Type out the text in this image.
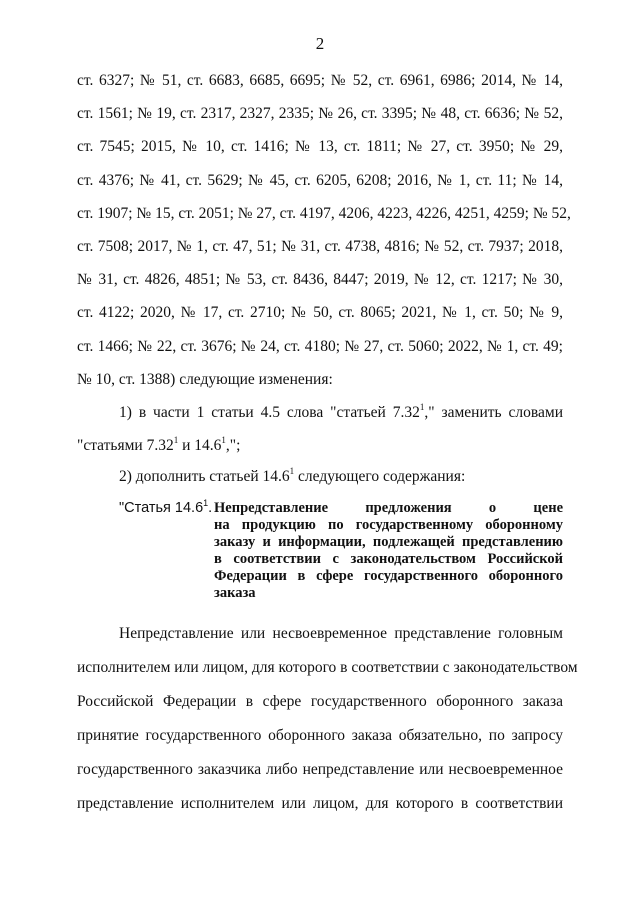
2
ст. 6327; № 51, ст. 6683, 6685, 6695; № 52, ст. 6961, 6986; 2014, № 14,
ст. 1561; № 19, ст. 2317, 2327, 2335; № 26, ст. 3395; № 48, ст. 6636; № 52,
ст. 7545; 2015, № 10, ст. 1416; № 13, ст. 1811; № 27, ст. 3950; № 29,
ст. 4376; № 41, ст. 5629; № 45, ст. 6205, 6208; 2016, № 1, ст. 11; № 14,
ст. 1907; № 15, ст. 2051; № 27, ст. 4197, 4206, 4223, 4226, 4251, 4259; № 52,
ст. 7508; 2017, № 1, ст. 47, 51; № 31, ст. 4738, 4816; № 52, ст. 7937; 2018,
№ 31, ст. 4826, 4851; № 53, ст. 8436, 8447; 2019, № 12, ст. 1217; № 30,
ст. 4122; 2020, № 17, ст. 2710; № 50, ст. 8065; 2021, № 1, ст. 50; № 9,
ст. 1466; № 22, ст. 3676; № 24, ст. 4180; № 27, ст. 5060; 2022, № 1, ст. 49;
№ 10, ст. 1388) следующие изменения:
1) в части 1 статьи 4.5 слова "статьей 7.32$^1$," заменить словами
"статьями 7.32$^1$ и 14.6$^1$,";
2) дополнить статьей 14.6$^1$ следующего содержания:
"Статья 14.6$^1$. Непредставление предложения о цене
на продукцию по государственному оборонному
заказу и информации, подлежащей представлению
в соответствии с законодательством Российской
Федерации в сфере государственного оборонного
заказа
Непредставление или несвоевременное представление головным
исполнителем или лицом, для которого в соответствии с законодательством
Российской Федерации в сфере государственного оборонного заказа
принятие государственного оборонного заказа обязательно, по запросу
государственного заказчика либо непредставление или несвоевременное
представление исполнителем или лицом, для которого в соответствии
